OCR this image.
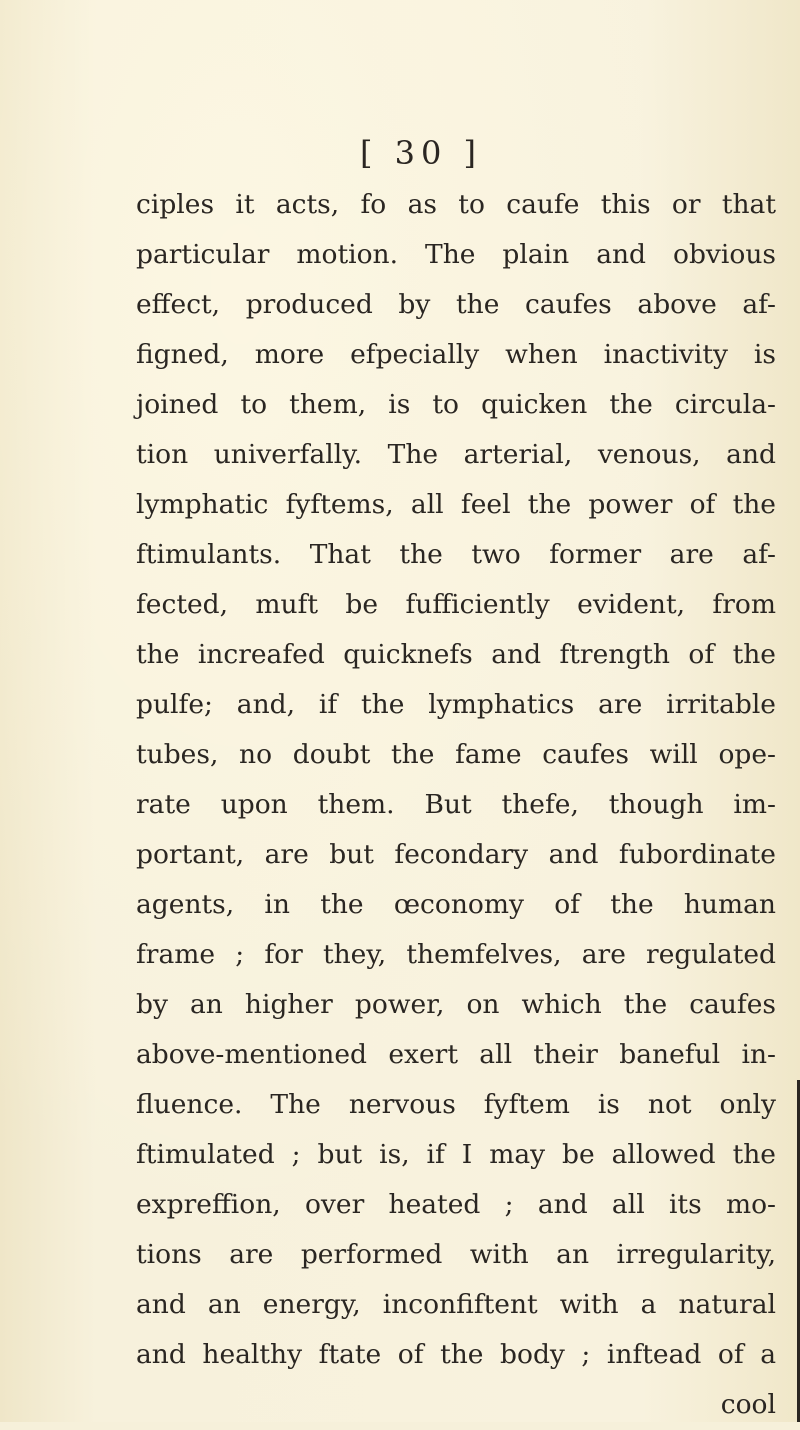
[ 30 ]
ciples it acts, fo as to caufe this or that
particular motion. The plain and obvious
effect, produced by the caufes above af-
figned, more efpecially when inactivity is
joined to them, is to quicken the circula-
tion univerfally. The arterial, venous, and
lymphatic fyftems, all feel the power of the
ftimulants. That the two former are af-
fected, muft be fufficiently evident, from
the increafed quicknefs and ftrength of the
pulfe; and, if the lymphatics are irritable
tubes, no doubt the fame caufes will ope-
rate upon them. But thefe, though im-
portant, are but fecondary and fubordinate
agents, in the œconomy of the human
frame ; for they, themfelves, are regulated
by an higher power, on which the caufes
above-mentioned exert all their baneful in-
fluence. The nervous fyftem is not only
ftimulated ; but is, if I may be allowed the
expreffion, over heated ; and all its mo-
tions are performed with an irregularity,
and an energy, inconfiftent with a natural
and healthy ftate of the body ; inftead of a
cool
